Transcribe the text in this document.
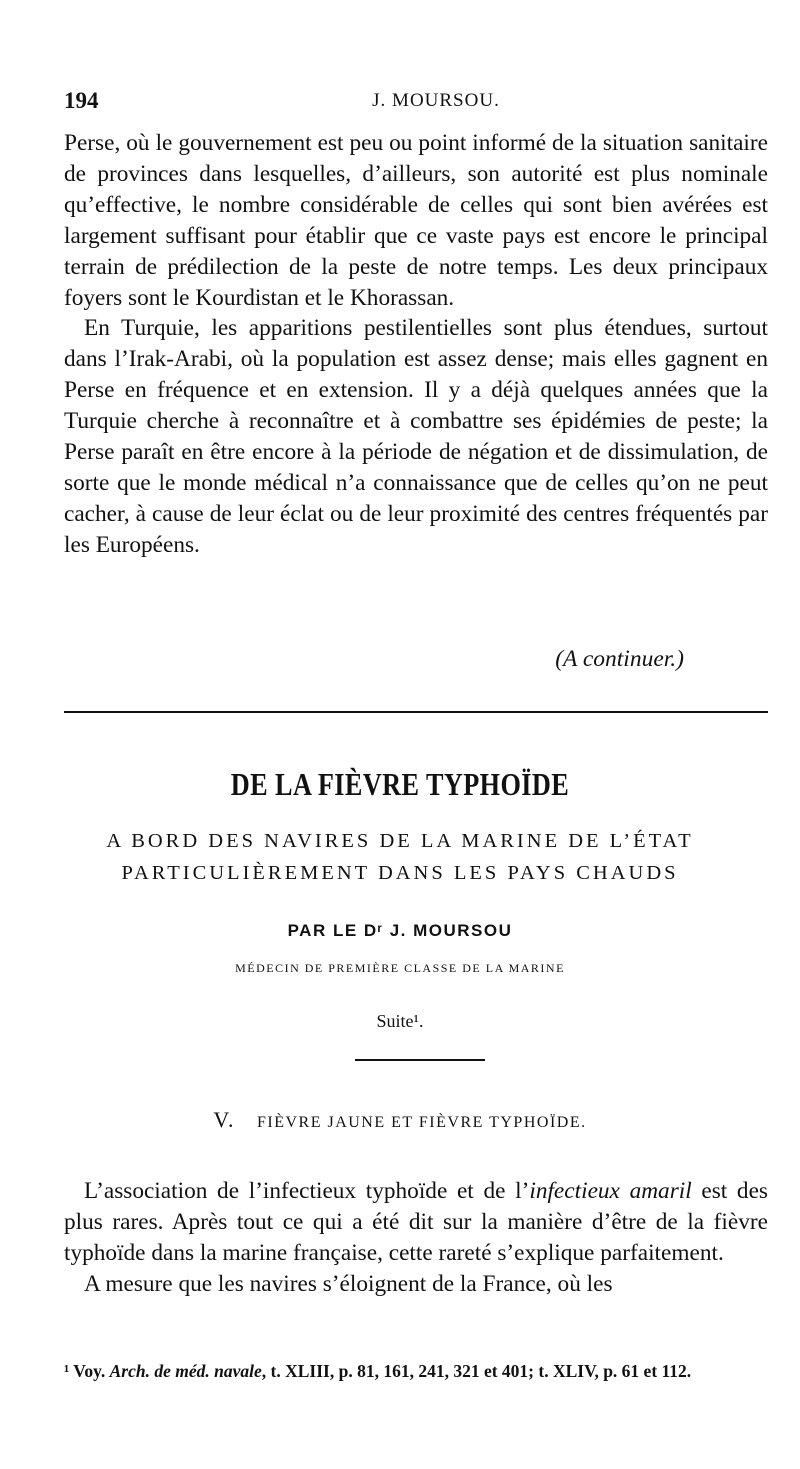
194	J. MOURSOU.

Perse, où le gouvernement est peu ou point informé de la situation sanitaire de provinces dans lesquelles, d’ailleurs, son autorité est plus nominale qu’effective, le nombre considérable de celles qui sont bien avérées est largement suffisant pour établir que ce vaste pays est encore le principal terrain de prédilection de la peste de notre temps. Les deux principaux foyers sont le Kourdistan et le Khorassan.

En Turquie, les apparitions pestilentielles sont plus étendues, surtout dans l’Irak-Arabi, où la population est assez dense; mais elles gagnent en Perse en fréquence et en extension. Il y a déjà quelques années que la Turquie cherche à reconnaître et à combattre ses épidémies de peste; la Perse paraît en être encore à la période de négation et de dissimulation, de sorte que le monde médical n’a connaissance que de celles qu’on ne peut cacher, à cause de leur éclat ou de leur proximité des centres fréquentés par les Européens.

(A continuer.)
DE LA FIÈVRE TYPHOÏDE
A BORD DES NAVIRES DE LA MARINE DE L’ÉTAT
PARTICULIÈREMENT DANS LES PAYS CHAUDS
PAR LE Dʳ J. MOURSOU
MÉDECIN DE PREMIÈRE CLASSE DE LA MARINE
Suite¹.
V. FIÈVRE JAUNE ET FIÈVRE TYPHOÏDE.

L’association de l’infectieux typhoïde et de l’infectieux amaril est des plus rares. Après tout ce qui a été dit sur la manière d’être de la fièvre typhoïde dans la marine française, cette rareté s’explique parfaitement.

A mesure que les navires s’éloignent de la France, où les

¹ Voy. Arch. de méd. navale, t. XLIII, p. 81, 161, 241, 321 et 401; t. XLIV, p. 61 et 112.
